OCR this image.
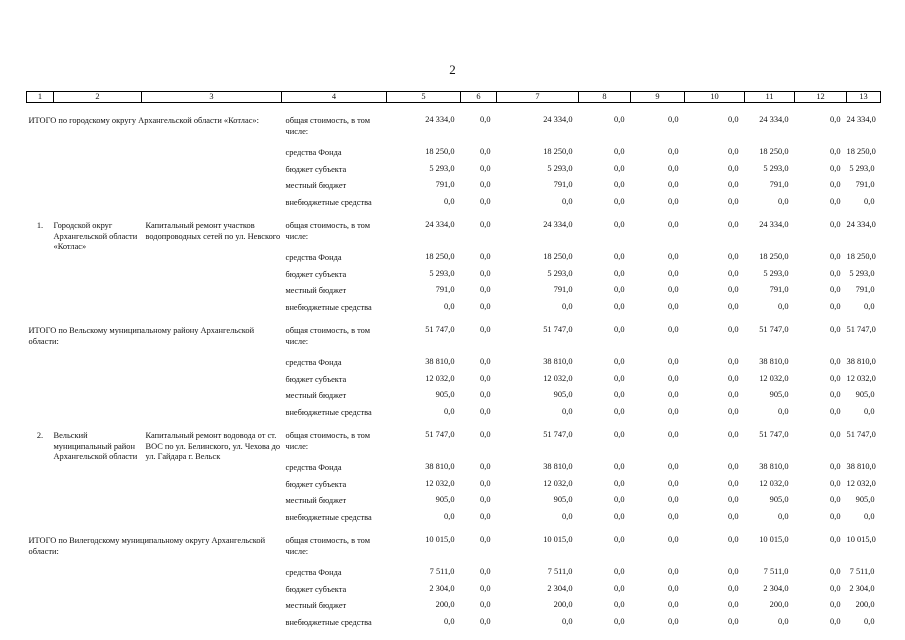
2
1	2	3	4	5	6	7	8	9	10	11	12	13

ИТОГО по городскому округу Архангельской области «Котлас»:			общая стоимость, в том числе:	24 334,0	0,0	24 334,0	0,0	0,0	0,0	24 334,0	0,0	24 334,0
			средства Фонда	18 250,0	0,0	18 250,0	0,0	0,0	0,0	18 250,0	0,0	18 250,0
			бюджет субъекта	5 293,0	0,0	5 293,0	0,0	0,0	0,0	5 293,0	0,0	5 293,0
			местный бюджет	791,0	0,0	791,0	0,0	0,0	0,0	791,0	0,0	791,0
			внебюджетные средства	0,0	0,0	0,0	0,0	0,0	0,0	0,0	0,0	0,0

1.	Городской округ Архангельской области «Котлас»	Капитальный ремонт участков водопроводных сетей по ул. Невского	общая стоимость, в том числе:	24 334,0	0,0	24 334,0	0,0	0,0	0,0	24 334,0	0,0	24 334,0
			средства Фонда	18 250,0	0,0	18 250,0	0,0	0,0	0,0	18 250,0	0,0	18 250,0
			бюджет субъекта	5 293,0	0,0	5 293,0	0,0	0,0	0,0	5 293,0	0,0	5 293,0
			местный бюджет	791,0	0,0	791,0	0,0	0,0	0,0	791,0	0,0	791,0
			внебюджетные средства	0,0	0,0	0,0	0,0	0,0	0,0	0,0	0,0	0,0

ИТОГО по Вельскому муниципальному району Архангельской области:			общая стоимость, в том числе:	51 747,0	0,0	51 747,0	0,0	0,0	0,0	51 747,0	0,0	51 747,0
			средства Фонда	38 810,0	0,0	38 810,0	0,0	0,0	0,0	38 810,0	0,0	38 810,0
			бюджет субъекта	12 032,0	0,0	12 032,0	0,0	0,0	0,0	12 032,0	0,0	12 032,0
			местный бюджет	905,0	0,0	905,0	0,0	0,0	0,0	905,0	0,0	905,0
			внебюджетные средства	0,0	0,0	0,0	0,0	0,0	0,0	0,0	0,0	0,0

2.	Вельский муниципальный район Архангельской области	Капитальный ремонт водовода от ст. ВОС по ул. Белинского, ул. Чехова до ул. Гайдара г. Вельск	общая стоимость, в том числе:	51 747,0	0,0	51 747,0	0,0	0,0	0,0	51 747,0	0,0	51 747,0
			средства Фонда	38 810,0	0,0	38 810,0	0,0	0,0	0,0	38 810,0	0,0	38 810,0
			бюджет субъекта	12 032,0	0,0	12 032,0	0,0	0,0	0,0	12 032,0	0,0	12 032,0
			местный бюджет	905,0	0,0	905,0	0,0	0,0	0,0	905,0	0,0	905,0
			внебюджетные средства	0,0	0,0	0,0	0,0	0,0	0,0	0,0	0,0	0,0

ИТОГО по Вилегодскому муниципальному округу Архангельской области:			общая стоимость, в том числе:	10 015,0	0,0	10 015,0	0,0	0,0	0,0	10 015,0	0,0	10 015,0
			средства Фонда	7 511,0	0,0	7 511,0	0,0	0,0	0,0	7 511,0	0,0	7 511,0
			бюджет субъекта	2 304,0	0,0	2 304,0	0,0	0,0	0,0	2 304,0	0,0	2 304,0
			местный бюджет	200,0	0,0	200,0	0,0	0,0	0,0	200,0	0,0	200,0
			внебюджетные средства	0,0	0,0	0,0	0,0	0,0	0,0	0,0	0,0	0,0
